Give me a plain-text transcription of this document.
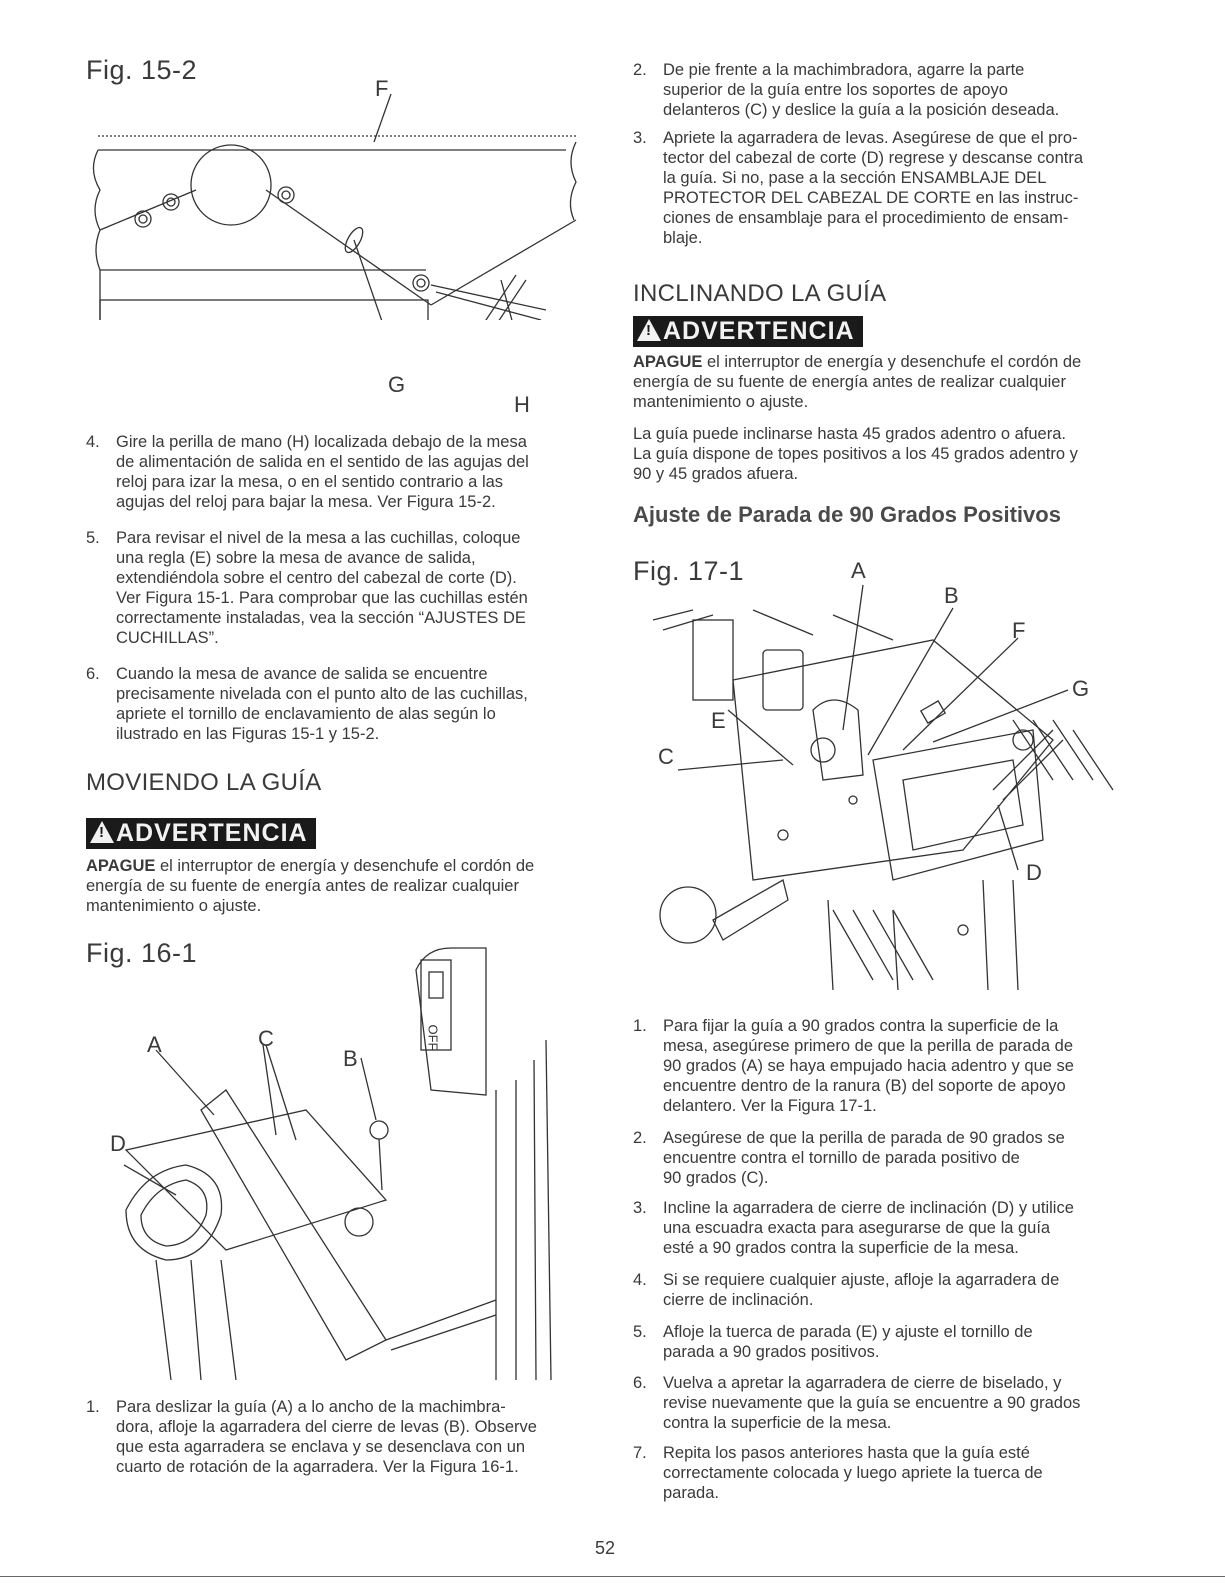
Fig. 15-2
F
G
H
4. Gire la perilla de mano (H) localizada debajo de la mesa
de alimentación de salida en el sentido de las agujas del
reloj para izar la mesa, o en el sentido contrario a las
agujas del reloj para bajar la mesa. Ver Figura 15-2.
5. Para revisar el nivel de la mesa a las cuchillas, coloque
una regla (E) sobre la mesa de avance de salida,
extendiéndola sobre el centro del cabezal de corte (D).
Ver Figura 15-1. Para comprobar que las cuchillas estén
correctamente instaladas, vea la sección “AJUSTES DE
CUCHILLAS”.
6. Cuando la mesa de avance de salida se encuentre
precisamente nivelada con el punto alto de las cuchillas,
apriete el tornillo de enclavamiento de alas según lo
ilustrado en las Figuras 15-1 y 15-2.
MOVIENDO LA GUÍA
!ADVERTENCIA
APAGUE el interruptor de energía y desenchufe el cordón de
energía de su fuente de energía antes de realizar cualquier
mantenimiento o ajuste.
Fig. 16-1
OFF
A	C
B
D
1. Para deslizar la guía (A) a lo ancho de la machimbra-
dora, afloje la agarradera del cierre de levas (B). Observe
que esta agarradera se enclava y se desenclava con un
cuarto de rotación de la agarradera. Ver la Figura 16-1.
2. De pie frente a la machimbradora, agarre la parte
superior de la guía entre los soportes de apoyo
delanteros (C) y deslice la guía a la posición deseada.
3. Apriete la agarradera de levas. Asegúrese de que el pro-
tector del cabezal de corte (D) regrese y descanse contra
la guía. Si no, pase a la sección ENSAMBLAJE DEL
PROTECTOR DEL CABEZAL DE CORTE en las instruc-
ciones de ensamblaje para el procedimiento de ensam-
blaje.
INCLINANDO LA GUÍA
!ADVERTENCIA
APAGUE el interruptor de energía y desenchufe el cordón de
energía de su fuente de energía antes de realizar cualquier
mantenimiento o ajuste.
La guía puede inclinarse hasta 45 grados adentro o afuera.
La guía dispone de topes positivos a los 45 grados adentro y
90 y 45 grados afuera.
Ajuste de Parada de 90 Grados Positivos
Fig. 17-1	A
B
F
G
E
C
D
1. Para fijar la guía a 90 grados contra la superficie de la
mesa, asegúrese primero de que la perilla de parada de
90 grados (A) se haya empujado hacia adentro y que se
encuentre dentro de la ranura (B) del soporte de apoyo
delantero. Ver la Figura 17-1.
2. Asegúrese de que la perilla de parada de 90 grados se
encuentre contra el tornillo de parada positivo de
90 grados (C).
3. Incline la agarradera de cierre de inclinación (D) y utilice
una escuadra exacta para asegurarse de que la guía
esté a 90 grados contra la superficie de la mesa.
4. Si se requiere cualquier ajuste, afloje la agarradera de
cierre de inclinación.
5. Afloje la tuerca de parada (E) y ajuste el tornillo de
parada a 90 grados positivos.
6. Vuelva a apretar la agarradera de cierre de biselado, y
revise nuevamente que la guía se encuentre a 90 grados
contra la superficie de la mesa.
7. Repita los pasos anteriores hasta que la guía esté
correctamente colocada y luego apriete la tuerca de
parada.
52
